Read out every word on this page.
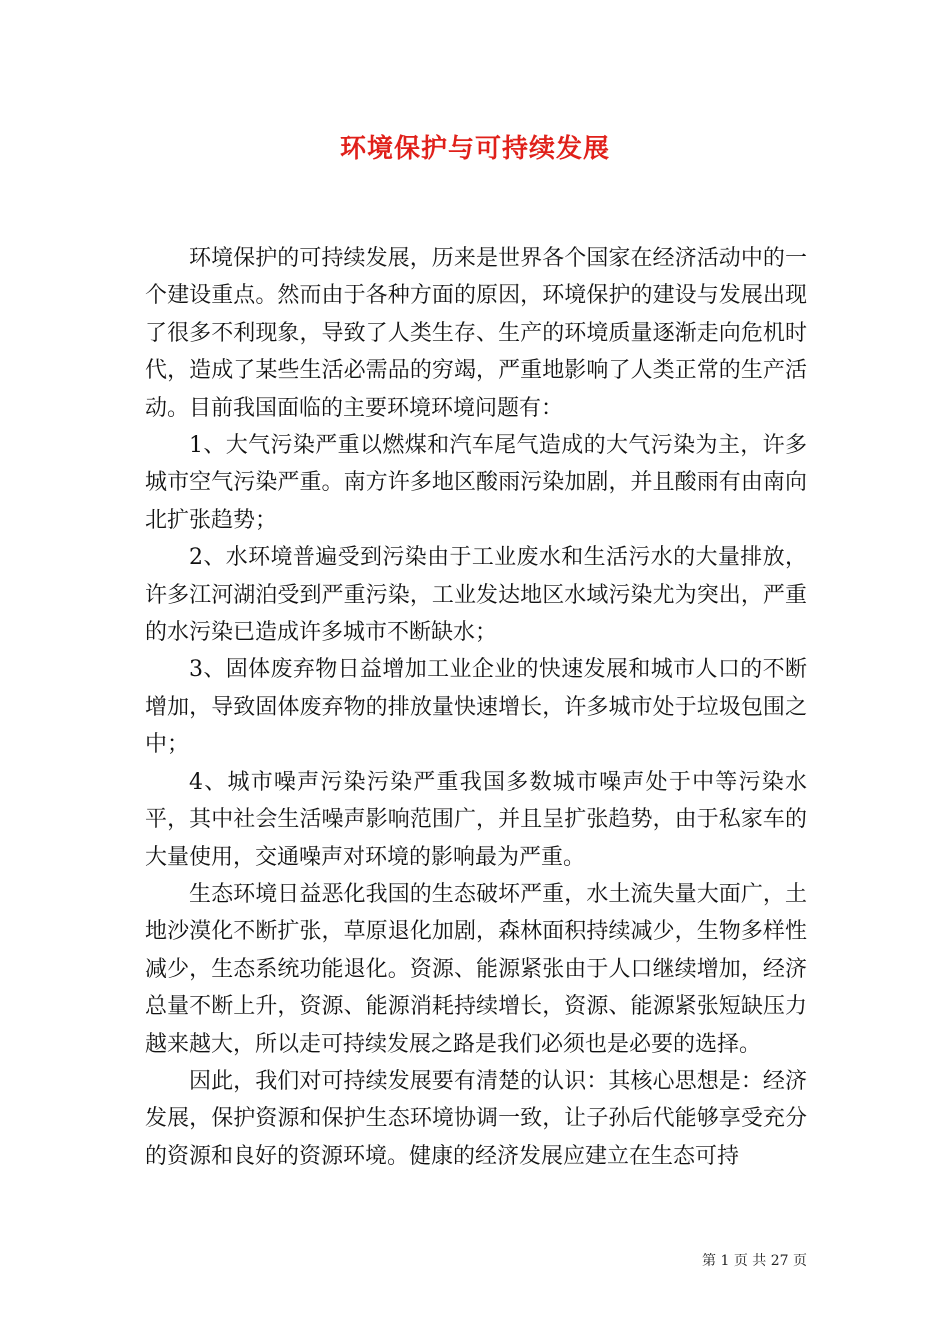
环境保护与可持续发展

环境保护的可持续发展，历来是世界各个国家在经济活动中的一个建设重点。然而由于各种方面的原因，环境保护的建设与发展出现了很多不利现象，导致了人类生存、生产的环境质量逐渐走向危机时代，造成了某些生活必需品的穷竭，严重地影响了人类正常的生产活动。目前我国面临的主要环境环境问题有：

1、大气污染严重以燃煤和汽车尾气造成的大气污染为主，许多城市空气污染严重。南方许多地区酸雨污染加剧，并且酸雨有由南向北扩张趋势；

2、水环境普遍受到污染由于工业废水和生活污水的大量排放，许多江河湖泊受到严重污染，工业发达地区水域污染尤为突出，严重的水污染已造成许多城市不断缺水；

3、固体废弃物日益增加工业企业的快速发展和城市人口的不断增加，导致固体废弃物的排放量快速增长，许多城市处于垃圾包围之中；

4、城市噪声污染污染严重我国多数城市噪声处于中等污染水平，其中社会生活噪声影响范围广，并且呈扩张趋势，由于私家车的大量使用，交通噪声对环境的影响最为严重。

生态环境日益恶化我国的生态破坏严重，水土流失量大面广，土地沙漠化不断扩张，草原退化加剧，森林面积持续减少，生物多样性减少，生态系统功能退化。资源、能源紧张由于人口继续增加，经济总量不断上升，资源、能源消耗持续增长，资源、能源紧张短缺压力越来越大，所以走可持续发展之路是我们必须也是必要的选择。

因此，我们对可持续发展要有清楚的认识：其核心思想是：经济发展，保护资源和保护生态环境协调一致，让子孙后代能够享受充分的资源和良好的资源环境。健康的经济发展应建立在生态可持

第 1 页 共 27 页
